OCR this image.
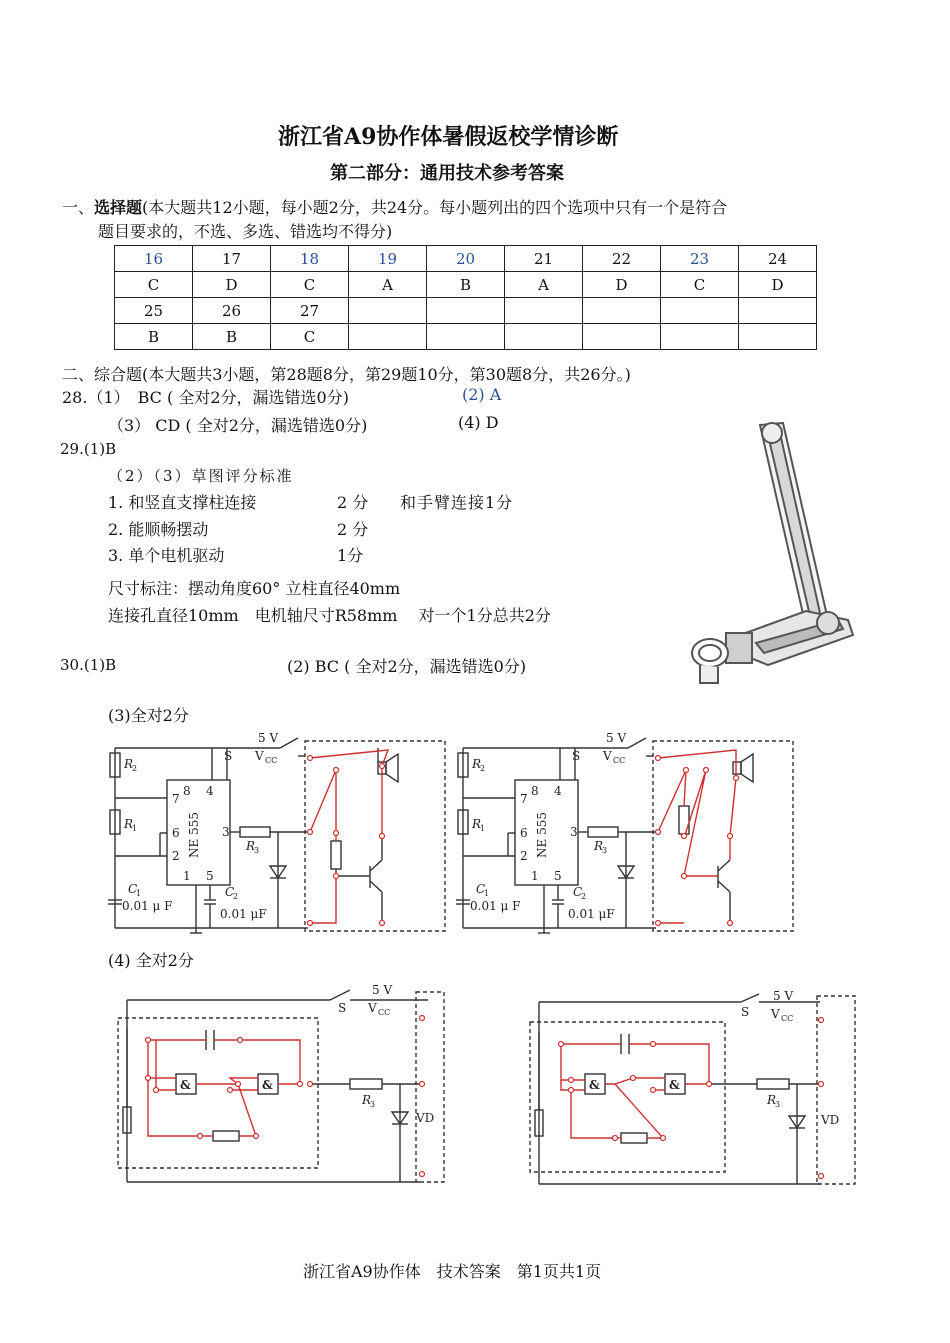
浙江省A9协作体暑假返校学情诊断
第二部分：通用技术参考答案
一、选择题(本大题共12小题，每小题2分，共24分。每小题列出的四个选项中只有一个是符合
题目要求的，不选、多选、错选均不得分)
16	17	18	19	20	21	22	23	24
C	D	C	A	B	A	D	C	D
25	26	27						
B	B	C						
二、综合题(本大题共3小题，第28题8分，第29题10分，第30题8分，共26分。)
28.（1）　BC ( 全对2分，漏选错选0分)	(2) A
（3） CD ( 全对2分，漏选错选0分)	(4) D
29.(1)B
（2）（3）草图评分标准
1. 和竖直支撑柱连接	2 分 和手臂连接1分
2. 能顺畅摆动	2 分
3. 单个电机驱动	1分
尺寸标注：摆动角度60° 立柱直径40mm
连接孔直径10mm　电机轴尺寸R58mm　 对一个1分总共2分
30.(1)B	(2) BC ( 全对2分，漏选错选0分)
(3)全对2分
5 V
V CC
S
R
2
R
1
R
3
C
1	C
2
0.01 μ F
0.01 μF
NE 555
8 4
7
6
2
3
1 5
5 V
V CC
S
R
2
R
1
R
3
C
1	C
2
0.01 μ F
0.01 μF
NE 555
8 4
7
6
2
3
1 5
(4) 全对2分
5 V
V CC
S
&	&
R
3
VD
5 V
V CC
S
&	&
R
3
VD
浙江省A9协作体　技术答案　第1页共1页
